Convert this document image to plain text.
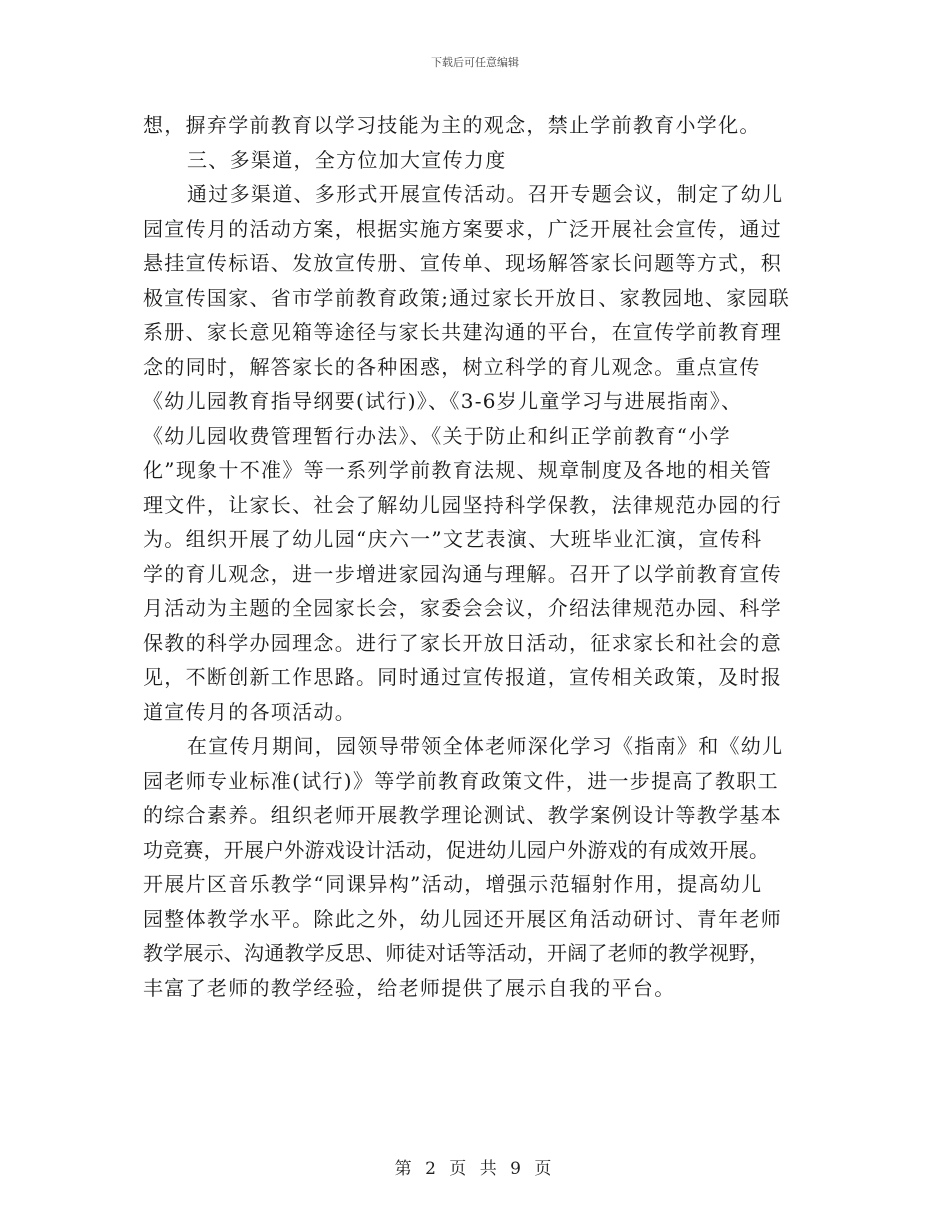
下载后可任意编辑
想，摒弃学前教育以学习技能为主的观念，禁止学前教育小学化。
三、多渠道，全方位加大宣传力度
通过多渠道、多形式开展宣传活动。召开专题会议，制定了幼儿
园宣传月的活动方案，根据实施方案要求，广泛开展社会宣传，通过
悬挂宣传标语、发放宣传册、宣传单、现场解答家长问题等方式，积
极宣传国家、省市学前教育政策;通过家长开放日、家教园地、家园联
系册、家长意见箱等途径与家长共建沟通的平台，在宣传学前教育理
念的同时，解答家长的各种困惑，树立科学的育儿观念。重点宣传
《幼儿园教育指导纲要(试行)》、《3-6岁儿童学习与进展指南》、
《幼儿园收费管理暂行办法》、《关于防止和纠正学前教育“小学
化”现象十不准》等一系列学前教育法规、规章制度及各地的相关管
理文件，让家长、社会了解幼儿园坚持科学保教，法律规范办园的行
为。组织开展了幼儿园“庆六一”文艺表演、大班毕业汇演，宣传科
学的育儿观念，进一步增进家园沟通与理解。召开了以学前教育宣传
月活动为主题的全园家长会，家委会会议，介绍法律规范办园、科学
保教的科学办园理念。进行了家长开放日活动，征求家长和社会的意
见，不断创新工作思路。同时通过宣传报道，宣传相关政策，及时报
道宣传月的各项活动。
在宣传月期间，园领导带领全体老师深化学习《指南》和《幼儿
园老师专业标准(试行)》等学前教育政策文件，进一步提高了教职工
的综合素养。组织老师开展教学理论测试、教学案例设计等教学基本
功竞赛，开展户外游戏设计活动，促进幼儿园户外游戏的有成效开展。
开展片区音乐教学“同课异构”活动，增强示范辐射作用，提高幼儿
园整体教学水平。除此之外，幼儿园还开展区角活动研讨、青年老师
教学展示、沟通教学反思、师徒对话等活动，开阔了老师的教学视野，
丰富了老师的教学经验，给老师提供了展示自我的平台。
第 2 页 共 9 页
